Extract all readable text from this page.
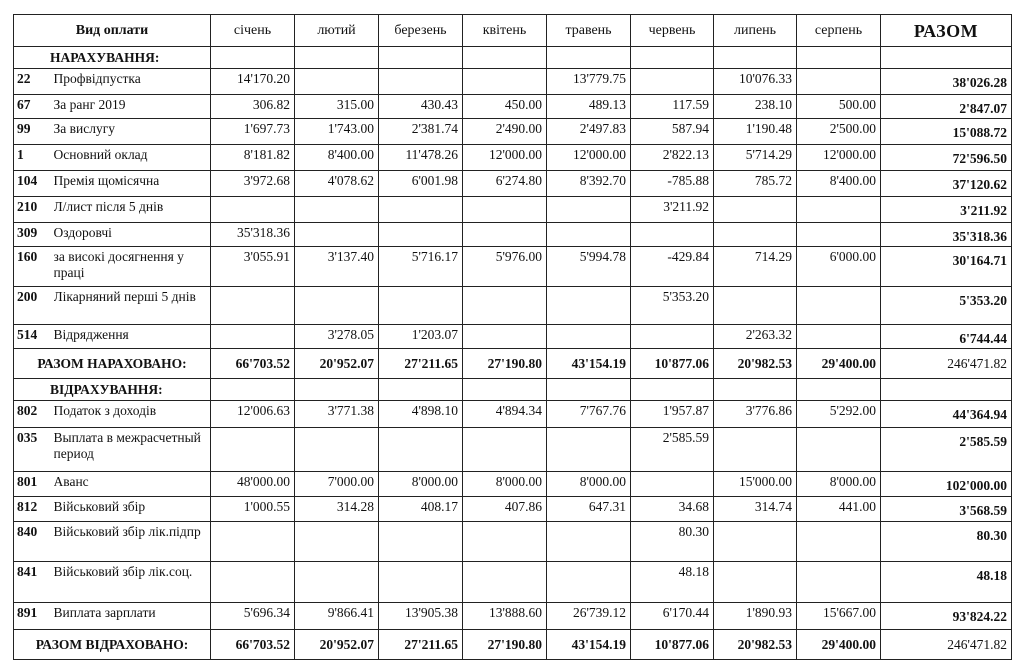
Вид оплати		січень	лютий	березень	квітень	травень	червень	липень	серпень	РАЗОМ
НАРАХУВАННЯ:										
22	Профвідпустка	14'170.20				13'779.75		10'076.33		38'026.28
67	За ранг 2019	306.82	315.00	430.43	450.00	489.13	117.59	238.10	500.00	2'847.07
99	За вислугу	1'697.73	1'743.00	2'381.74	2'490.00	2'497.83	587.94	1'190.48	2'500.00	15'088.72
1	Основний оклад	8'181.82	8'400.00	11'478.26	12'000.00	12'000.00	2'822.13	5'714.29	12'000.00	72'596.50
104	Премія щомісячна	3'972.68	4'078.62	6'001.98	6'274.80	8'392.70	-785.88	785.72	8'400.00	37'120.62
210	Л/лист після 5 днів						3'211.92			3'211.92
309	Оздоровчі	35'318.36								35'318.36
160	за високі досягнення у праці	3'055.91	3'137.40	5'716.17	5'976.00	5'994.78	-429.84	714.29	6'000.00	30'164.71
200	Лікарняний перші 5 днів						5'353.20			5'353.20
514	Відрядження		3'278.05	1'203.07				2'263.32		6'744.44
РАЗОМ НАРАХОВАНО:		66'703.52	20'952.07	27'211.65	27'190.80	43'154.19	10'877.06	20'982.53	29'400.00	246'471.82
ВІДРАХУВАННЯ:										
802	Податок з доходів	12'006.63	3'771.38	4'898.10	4'894.34	7'767.76	1'957.87	3'776.86	5'292.00	44'364.94
035	Выплата в межрасчетный период						2'585.59			2'585.59
801	Аванс	48'000.00	7'000.00	8'000.00	8'000.00	8'000.00		15'000.00	8'000.00	102'000.00
812	Військовий збір	1'000.55	314.28	408.17	407.86	647.31	34.68	314.74	441.00	3'568.59
840	Військовий збір лік.підпр						80.30			80.30
841	Військовий збір лік.соц.						48.18			48.18
891	Виплата зарплати	5'696.34	9'866.41	13'905.38	13'888.60	26'739.12	6'170.44	1'890.93	15'667.00	93'824.22
РАЗОМ ВІДРАХОВАНО:		66'703.52	20'952.07	27'211.65	27'190.80	43'154.19	10'877.06	20'982.53	29'400.00	246'471.82
